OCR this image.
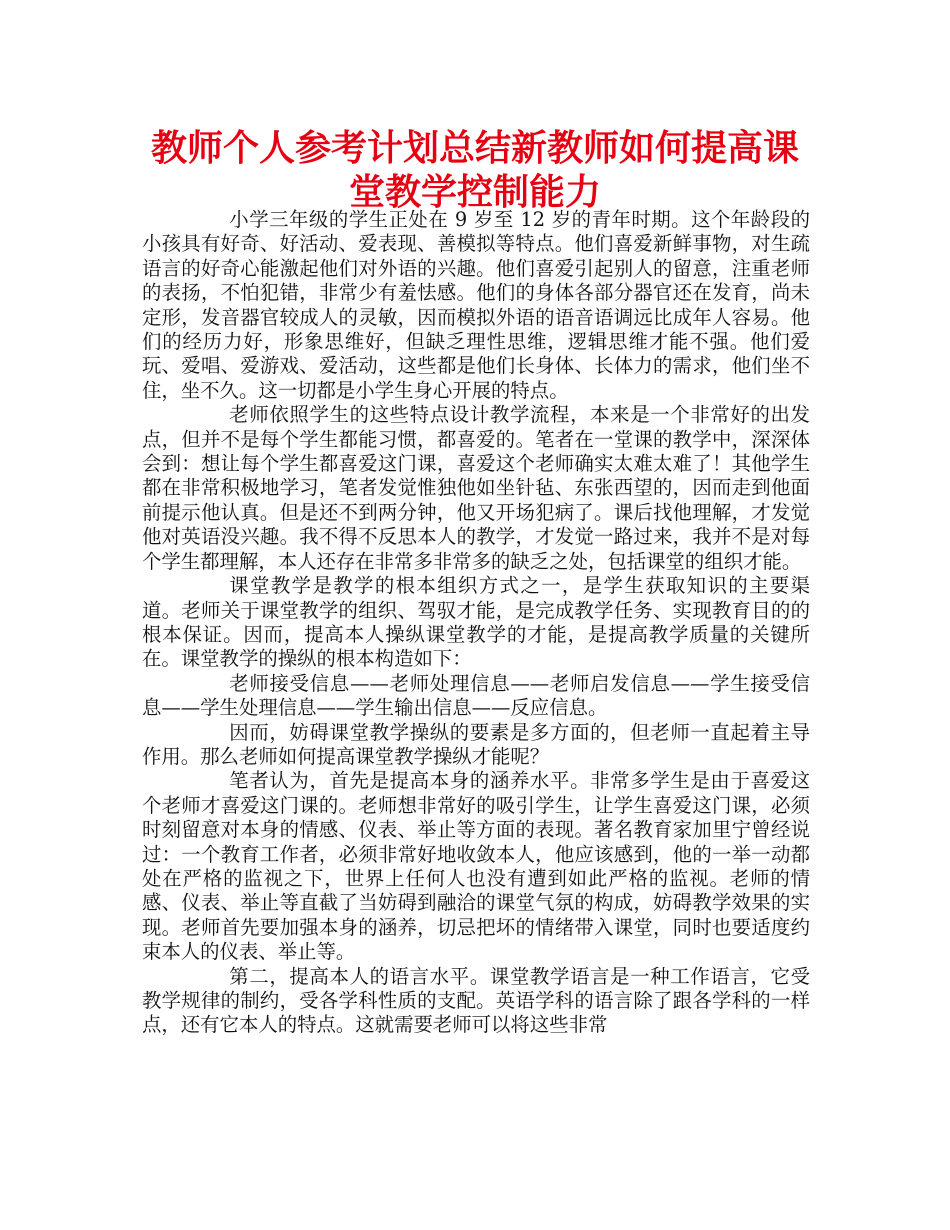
教师个人参考计划总结新教师如何提高课
堂教学控制能力

小学三年级的学生正处在 9 岁至 12 岁的青年时期。这个年龄段的小孩具有好奇、好活动、爱表现、善模拟等特点。他们喜爱新鲜事物，对生疏语言的好奇心能激起他们对外语的兴趣。他们喜爱引起别人的留意，注重老师的表扬，不怕犯错，非常少有羞怯感。他们的身体各部分器官还在发育，尚未定形，发音器官较成人的灵敏，因而模拟外语的语音语调远比成年人容易。他们的经历力好，形象思维好，但缺乏理性思维，逻辑思维才能不强。他们爱玩、爱唱、爱游戏、爱活动，这些都是他们长身体、长体力的需求，他们坐不住，坐不久。这一切都是小学生身心开展的特点。

老师依照学生的这些特点设计教学流程，本来是一个非常好的出发点，但并不是每个学生都能习惯，都喜爱的。笔者在一堂课的教学中，深深体会到：想让每个学生都喜爱这门课，喜爱这个老师确实太难太难了！其他学生都在非常积极地学习，笔者发觉惟独他如坐针毡、东张西望的，因而走到他面前提示他认真。但是还不到两分钟，他又开场犯病了。课后找他理解，才发觉他对英语没兴趣。我不得不反思本人的教学，才发觉一路过来，我并不是对每个学生都理解，本人还存在非常多非常多的缺乏之处，包括课堂的组织才能。

课堂教学是教学的根本组织方式之一，是学生获取知识的主要渠道。老师关于课堂教学的组织、驾驭才能，是完成教学任务、实现教育目的的根本保证。因而，提高本人操纵课堂教学的才能，是提高教学质量的关键所在。课堂教学的操纵的根本构造如下：

老师接受信息——老师处理信息——老师启发信息——学生接受信息——学生处理信息——学生输出信息——反应信息。

因而，妨碍课堂教学操纵的要素是多方面的，但老师一直起着主导作用。那么老师如何提高课堂教学操纵才能呢？

笔者认为，首先是提高本身的涵养水平。非常多学生是由于喜爱这个老师才喜爱这门课的。老师想非常好的吸引学生，让学生喜爱这门课，必须时刻留意对本身的情感、仪表、举止等方面的表现。著名教育家加里宁曾经说过：一个教育工作者，必须非常好地收敛本人，他应该感到，他的一举一动都处在严格的监视之下，世界上任何人也没有遭到如此严格的监视。老师的情感、仪表、举止等直截了当妨碍到融洽的课堂气氛的构成，妨碍教学效果的实现。老师首先要加强本身的涵养，切忌把坏的情绪带入课堂，同时也要适度约束本人的仪表、举止等。

第二，提高本人的语言水平。课堂教学语言是一种工作语言，它受教学规律的制约，受各学科性质的支配。英语学科的语言除了跟各学科的一样点，还有它本人的特点。这就需要老师可以将这些非常
